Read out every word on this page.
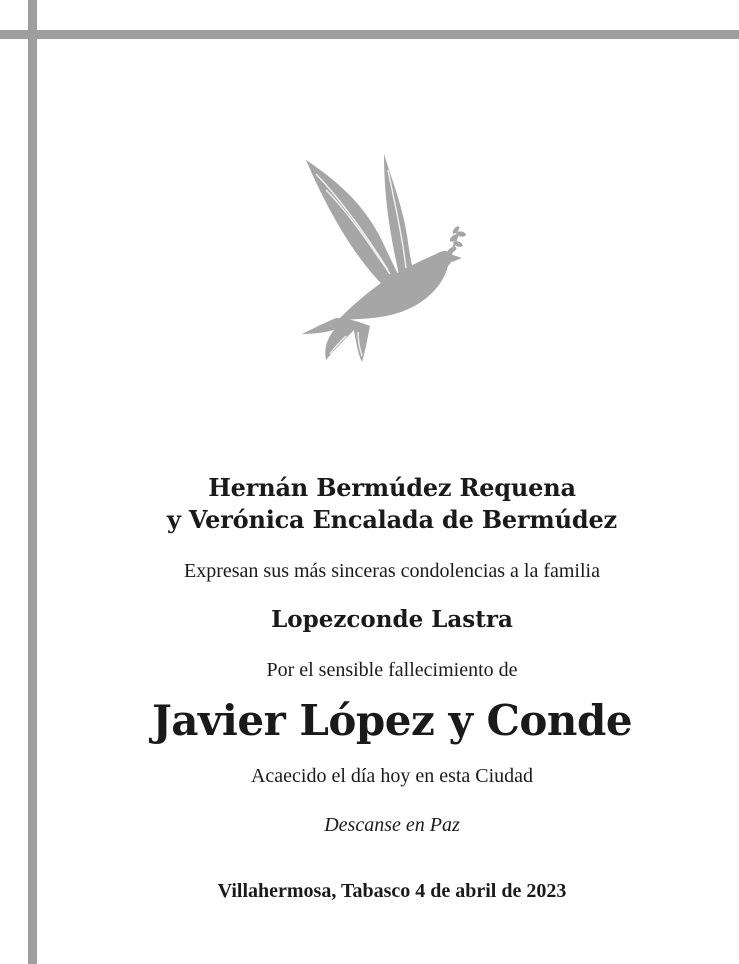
Hernán Bermúdez Requena
y Verónica Encalada de Bermúdez
Expresan sus más sinceras condolencias a la familia
Lopezconde Lastra
Por el sensible fallecimiento de
Javier López y Conde
Acaecido el día hoy en esta Ciudad
Descanse en Paz
Villahermosa, Tabasco 4 de abril de 2023
